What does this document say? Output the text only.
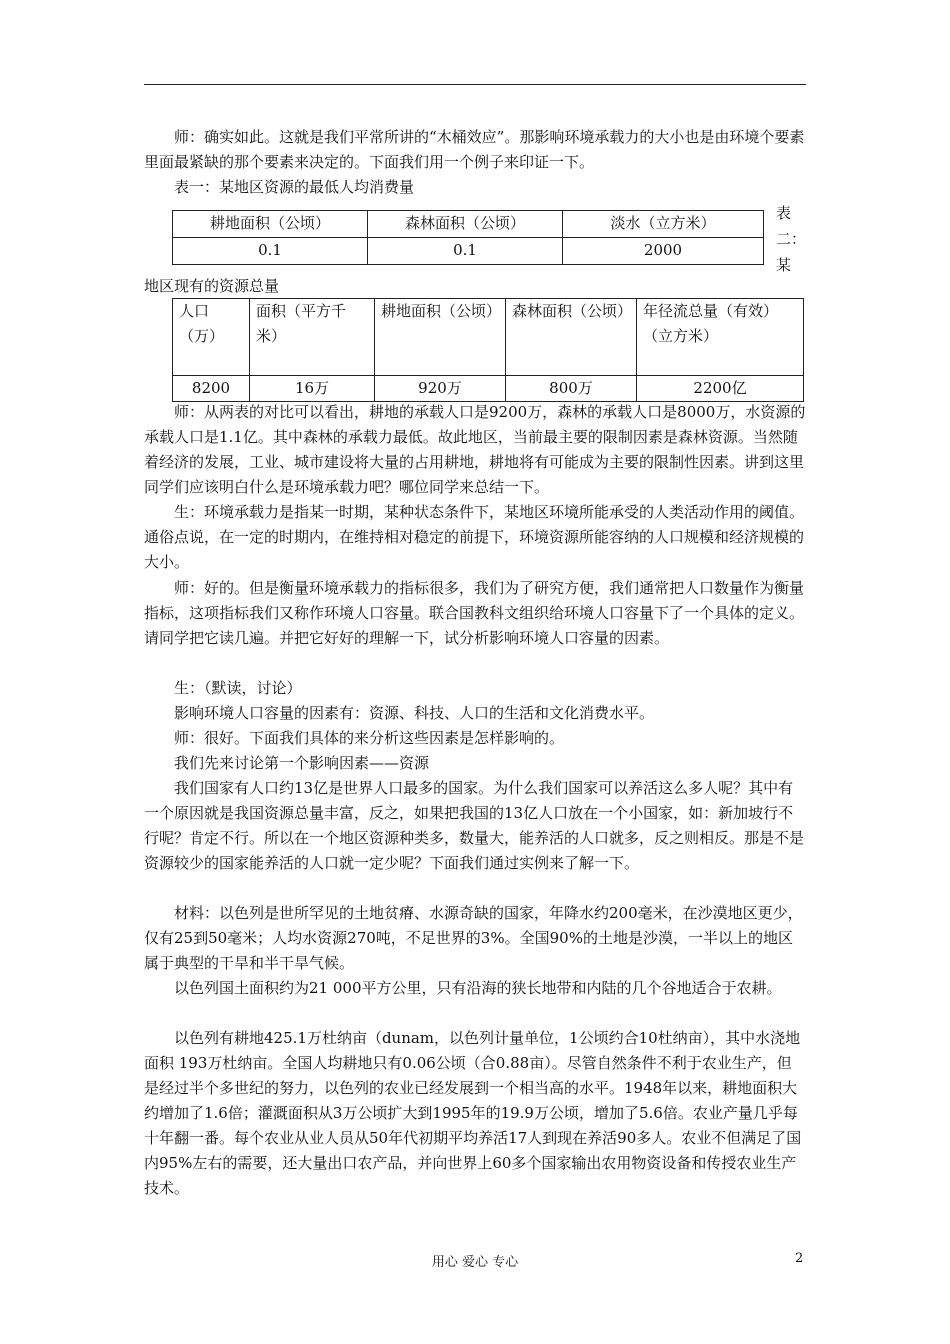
师：确实如此。这就是我们平常所讲的“木桶效应”。那影响环境承载力的大小也是由环境个要素里面最紧缺的那个要素来决定的。下面我们用一个例子来印证一下。

表一：某地区资源的最低人均消费量

耕地面积（公顷）	森林面积（公顷）	淡水（立方米）
0.1	0.1	2000
表二：某

地区现有的资源总量

人口（万）	面积（平方千米）	耕地面积（公顷）	森林面积（公顷）	年径流总量（有效）（立方米）
8200	16万	920万	800万	2200亿

师：从两表的对比可以看出，耕地的承载人口是9200万，森林的承载人口是8000万，水资源的承载人口是1.1亿。其中森林的承载力最低。故此地区，当前最主要的限制因素是森林资源。当然随着经济的发展，工业、城市建设将大量的占用耕地，耕地将有可能成为主要的限制性因素。讲到这里同学们应该明白什么是环境承载力吧？哪位同学来总结一下。

生：环境承载力是指某一时期，某种状态条件下，某地区环境所能承受的人类活动作用的阈值。通俗点说，在一定的时期内，在维持相对稳定的前提下，环境资源所能容纳的人口规模和经济规模的大小。

师：好的。但是衡量环境承载力的指标很多，我们为了研究方便，我们通常把人口数量作为衡量指标，这项指标我们又称作环境人口容量。联合国教科文组织给环境人口容量下了一个具体的定义。请同学把它读几遍。并把它好好的理解一下，试分析影响环境人口容量的因素。

生：（默读，讨论）

影响环境人口容量的因素有：资源、科技、人口的生活和文化消费水平。

师：很好。下面我们具体的来分析这些因素是怎样影响的。

我们先来讨论第一个影响因素——资源

我们国家有人口约13亿是世界人口最多的国家。为什么我们国家可以养活这么多人呢？其中有一个原因就是我国资源总量丰富，反之，如果把我国的13亿人口放在一个小国家，如：新加坡行不行呢？肯定不行。所以在一个地区资源种类多，数量大，能养活的人口就多，反之则相反。那是不是资源较少的国家能养活的人口就一定少呢？下面我们通过实例来了解一下。

材料：以色列是世所罕见的土地贫瘠、水源奇缺的国家，年降水约200毫米，在沙漠地区更少，仅有25到50毫米；人均水资源270吨，不足世界的3%。全国90%的土地是沙漠，一半以上的地区属于典型的干旱和半干旱气候。

以色列国土面积约为21 000平方公里，只有沿海的狭长地带和内陆的几个谷地适合于农耕。

以色列有耕地425.1万杜纳亩（dunam，以色列计量单位，1公顷约合10杜纳亩），其中水浇地面积 193万杜纳亩。全国人均耕地只有0.06公顷（合0.88亩）。尽管自然条件不利于农业生产，但是经过半个多世纪的努力，以色列的农业已经发展到一个相当高的水平。1948年以来，耕地面积大约增加了1.6倍；灌溉面积从3万公顷扩大到1995年的19.9万公顷，增加了5.6倍。农业产量几乎每十年翻一番。每个农业从业人员从50年代初期平均养活17人到现在养活90多人。农业不但满足了国内95%左右的需要，还大量出口农产品，并向世界上60多个国家输出农用物资设备和传授农业生产技术。

用心 爱心 专心	2
